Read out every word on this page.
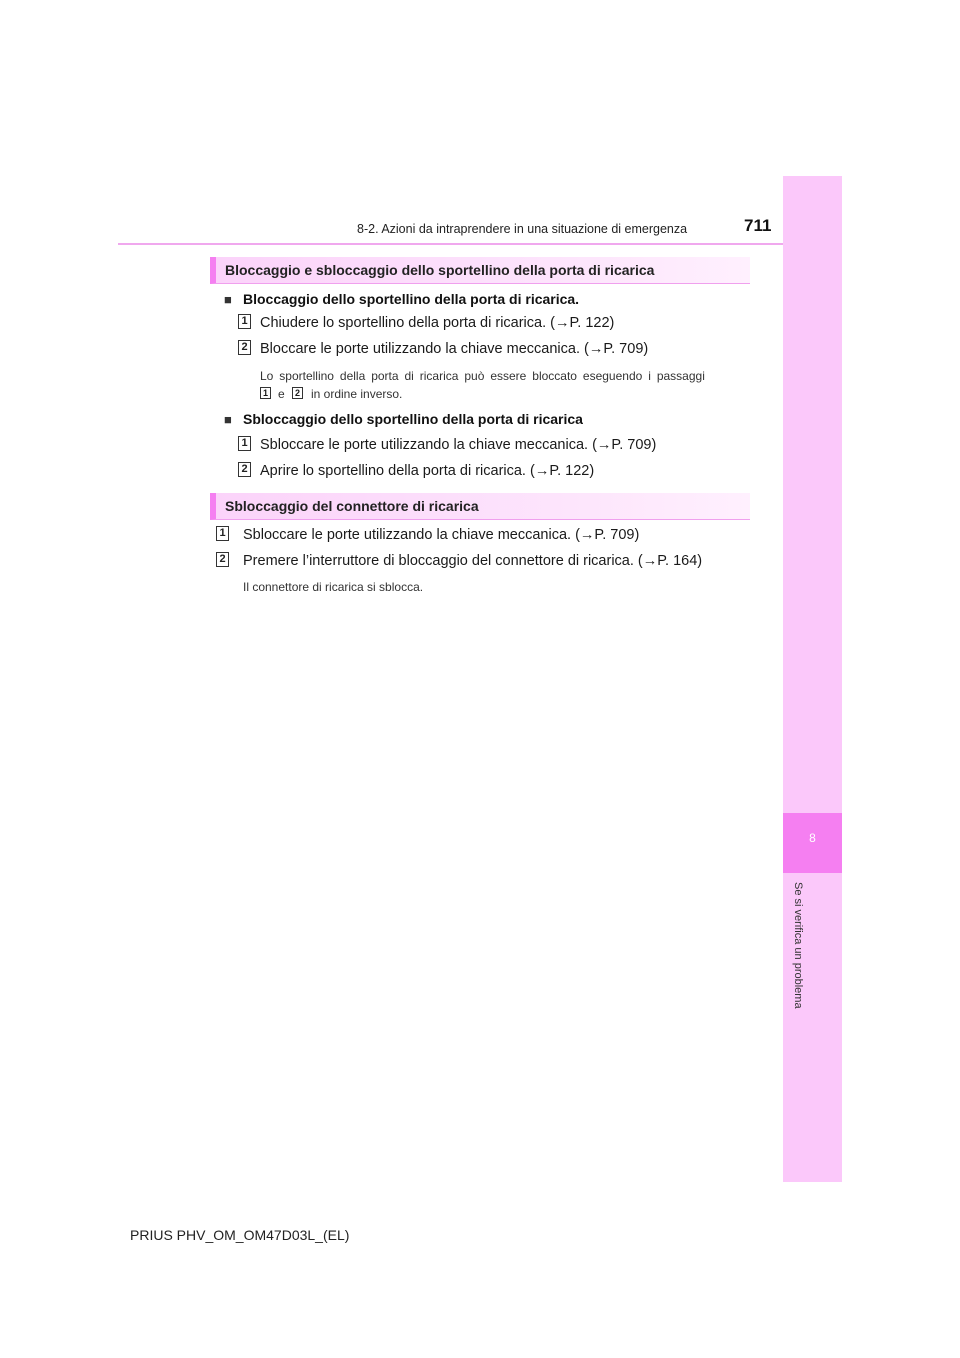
8-2. Azioni da intraprendere in una situazione di emergenza	711
8
Se si verifica un problema
Bloccaggio e sbloccaggio dello sportellino della porta di ricarica
■ Bloccaggio dello sportellino della porta di ricarica.
1 Chiudere lo sportellino della porta di ricarica. (→P. 122)
2 Bloccare le porte utilizzando la chiave meccanica. (→P. 709)
Lo sportellino della porta di ricarica può essere bloccato eseguendo i passaggi
1 e	2 in ordine inverso.
■ Sbloccaggio dello sportellino della porta di ricarica
1 Sbloccare le porte utilizzando la chiave meccanica. (→P. 709)
2 Aprire lo sportellino della porta di ricarica. (→P. 122)
Sbloccaggio del connettore di ricarica
1 Sbloccare le porte utilizzando la chiave meccanica. (→P. 709)
2 Premere l’interruttore di bloccaggio del connettore di ricarica. (→P. 164)
Il connettore di ricarica si sblocca.
PRIUS PHV_OM_OM47D03L_(EL)
